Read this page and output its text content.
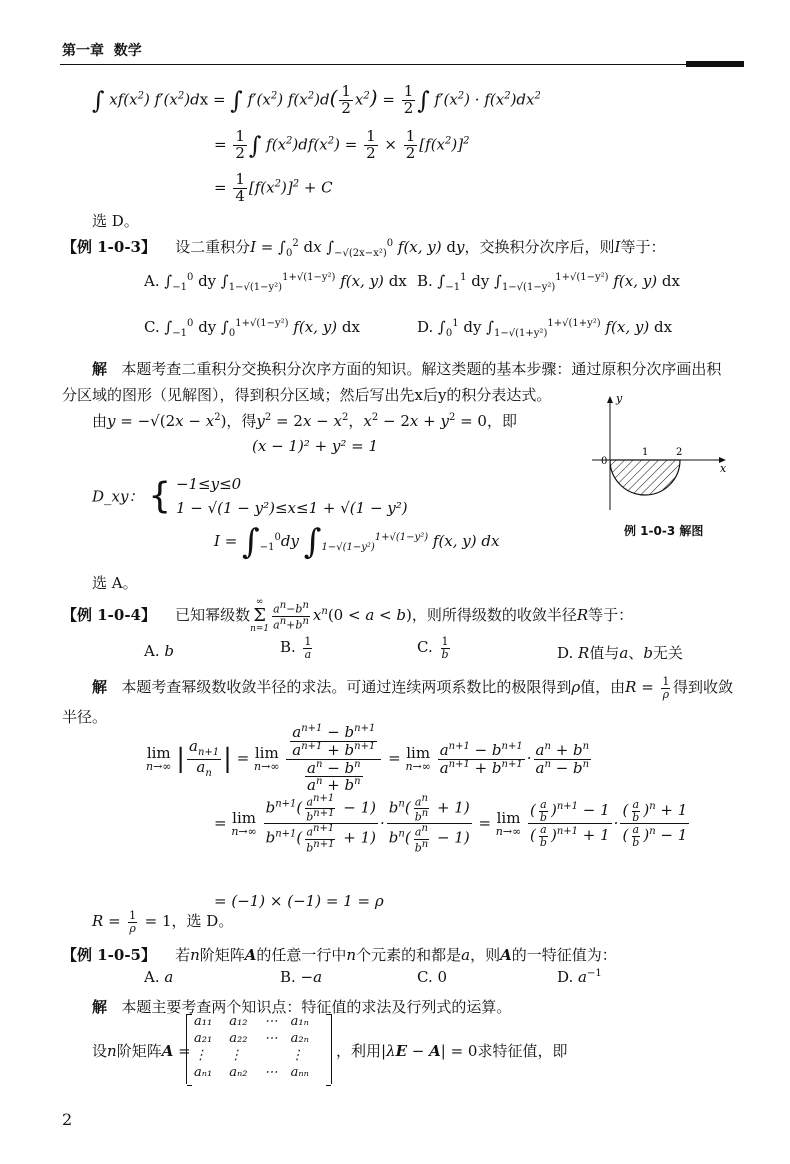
第一章 数学
∫ $xf(x^2) f'(x^2)dx$ = ∫ $f'(x^2)$ $f(x^2)d( \frac{1}{2} x^2) = \frac{1}{2}$ ∫ $f'(x^2) \cdot f(x^2)dx^2$
= $\frac{1}{2}$ ∫ $f(x^2)df(x^2) = \frac{1}{2} \times \frac{1}{2} [f(x^2)]^2$
= $\frac{1}{4} [f(x^2)]^2 + C$
选 D。
【例 1-0-3】    设二重积分$I = \int_0^2$ dx $\int_{-√(2x-x^2)}^0$ f(x, y) dy，交换积分次序后，则I等于：
A. $\int_{-1}^0$ dy $\int_{1-√(1-y^2)}^{1+√(1-y^2)}$ f(x, y) dx B. $\int_{-1}^1$ dy $\int_{1-√(1-y^2)}^{1+√(1-y^2)}$ f(x, y) dx
C. $\int_{-1}^0$ dy $\int_0^{1+√(1-y^2)}$ f(x, y) dx	D. $\int_0^1$ dy $\int_{1-√(1+y^2)}^{1+√(1+y^2)}$ f(x, y) dx
解 本题考查二重积分交换积分次序方面的知识。解这类题的基本步骤：通过原积分次序画出积
分区域的图形（见解图），得到积分区域；然后写出先x后y的积分表达式。
由$y = -√(2x - x^2)$，得$y^2 = 2x - x^2$，$x^2 - 2x + y^2 = 0$，即
(x − 1)² + y² = 1
D_xy： { −1≤y≤0
1 − √(1 − y²)≤x≤1 + √(1 − y²)
$I = \int_{-1}^0dy$ $\int_{1-√(1-y^2)}^{1+√(1-y^2)}$ f(x, y) dx
选 A。
y
x
0
1	2
例 1-0-3 解图
【例 1-0-4】    已知幂级数
∞
Σ
$n=1 \frac{a^n-b^n}{a^n+b^n} x^n(0 < a < b)$，则所得级数的收敛半径R等于：
A. b	B. $\frac{1}{a}$	C. $\frac{1}{b}$	D. R值与a、b无关
解   本题考查幂级数收敛半径的求法。可通过连续两项系数比的极限得到ρ值，由$R = \frac{1}{\rho}$ 得到收敛
半径。
lim
n→∞ | $\frac{a_{n+1}}{a_n}$ | = lim
n→∞
$\frac{\frac{a^{n+1} - b^{n+1}}{a^{n+1} + b^{n+1}}}{\frac{a^n - b^n}{a^n + b^n}} = \lim$
n→∞
$\frac{a^{n+1} - b^{n+1}}{a^{n+1} + b^{n+1}} \cdot \frac{a^n + b^n}{a^n - b^n}$
= lim
n→∞
$\frac{b^{n+1}( \frac{a^{n+1}}{b^{n+1}} - 1)}{b^{n+1}( \frac{a^{n+1}}{b^{n+1}} + 1)} \cdot \frac{b^n( \frac{a^n}{b^n} + 1)}{b^n( \frac{a^n}{b^n} - 1)} = \lim$
n→∞
$\frac{( \frac{a}{b} )^{n+1} - 1}{( \frac{a}{b} )^{n+1} + 1} \cdot \frac{( \frac{a}{b} )^n + 1}{( \frac{a}{b} )^n - 1}$
= (−1) × (−1) = 1 = ρ
$R = \frac{1}{\rho} = 1$，选 D。
【例 1-0-5】    若n阶矩阵A的任意一行中n个元素的和都是a，则A的一特征值为：
A. a	B. −a	C. 0	D. $a^{-1}$
解 本题主要考查两个知识点：特征值的求法及行列式的运算。
设n阶矩阵A =
a₁₁	a₁₂	⋯	a₁ₙ
a₂₁	a₂₂	⋯	a₂ₙ
⋮	⋮		⋮
aₙ₁	aₙ₂	⋯	aₙₙ
，利用|λE − A| = 0求特征值，即
2
